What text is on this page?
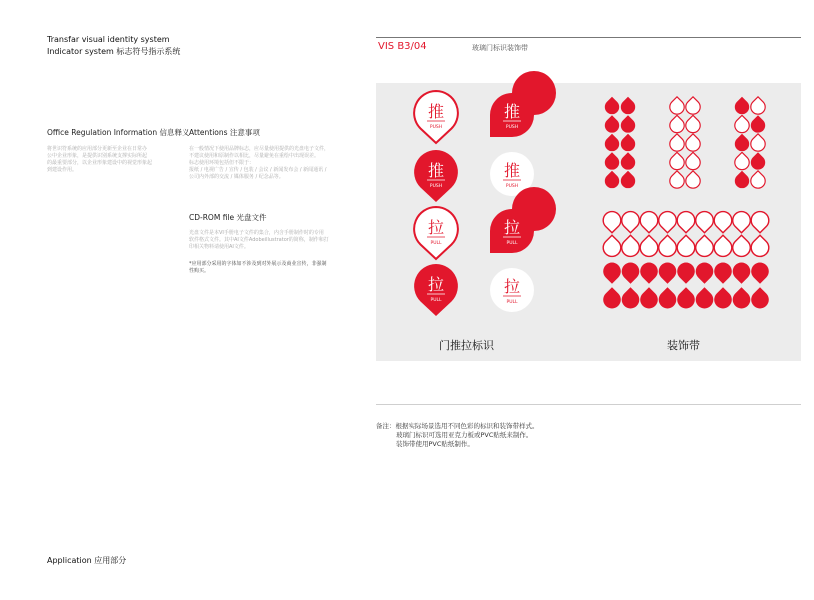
Transfar visual identity system
Indicator system 标志符号指示系统
Office Regulation Information 信息释义
将世识符系统的应用部分更新至企业在日常办
公中企业形象，是提供识别系统支撑实际所起
的最重要部分，以企业形象建设中的视觉形象起
到建设作用。
Attentions 注意事项
在一般情况下使用品牌标志，应尽量使用提供的光盘电子文件，
不建议使用和原制作以相比，尽量避免在重绘中出现误差。
标志使用环境包括但不限于：
报纸 / 电视广告 / 宣传 / 包装 / 会议 / 新闻发布会 / 新闻通讯 /
公司内外部的交流 / 媒体服务 / 纪念品等。
CD-ROM file 光盘文件
光盘文件是本VI手册电子文件的集合，内含手册制作时的专用
软件格式文件。其中AI文件Adobeillustrator的简称，制作和打
印相关物料请使用AI文件。
*应用部分采用的字体如不涉及到对外展示及商业宣传，非强制
性购买。
Application 应用部分
VIS B3/04	玻璃门标识装饰带
推
PUSH
推
PUSH
拉
PULL
拉
PULL
推
PUSH
推
PUSH
拉
PULL
拉
PULL
门推拉标识	装饰带
备注：根据实际场景选用不同色彩的标识和装饰带样式。
玻璃门标识可选用亚克力板或PVC贴纸来制作。
装饰带使用PVC贴纸制作。
